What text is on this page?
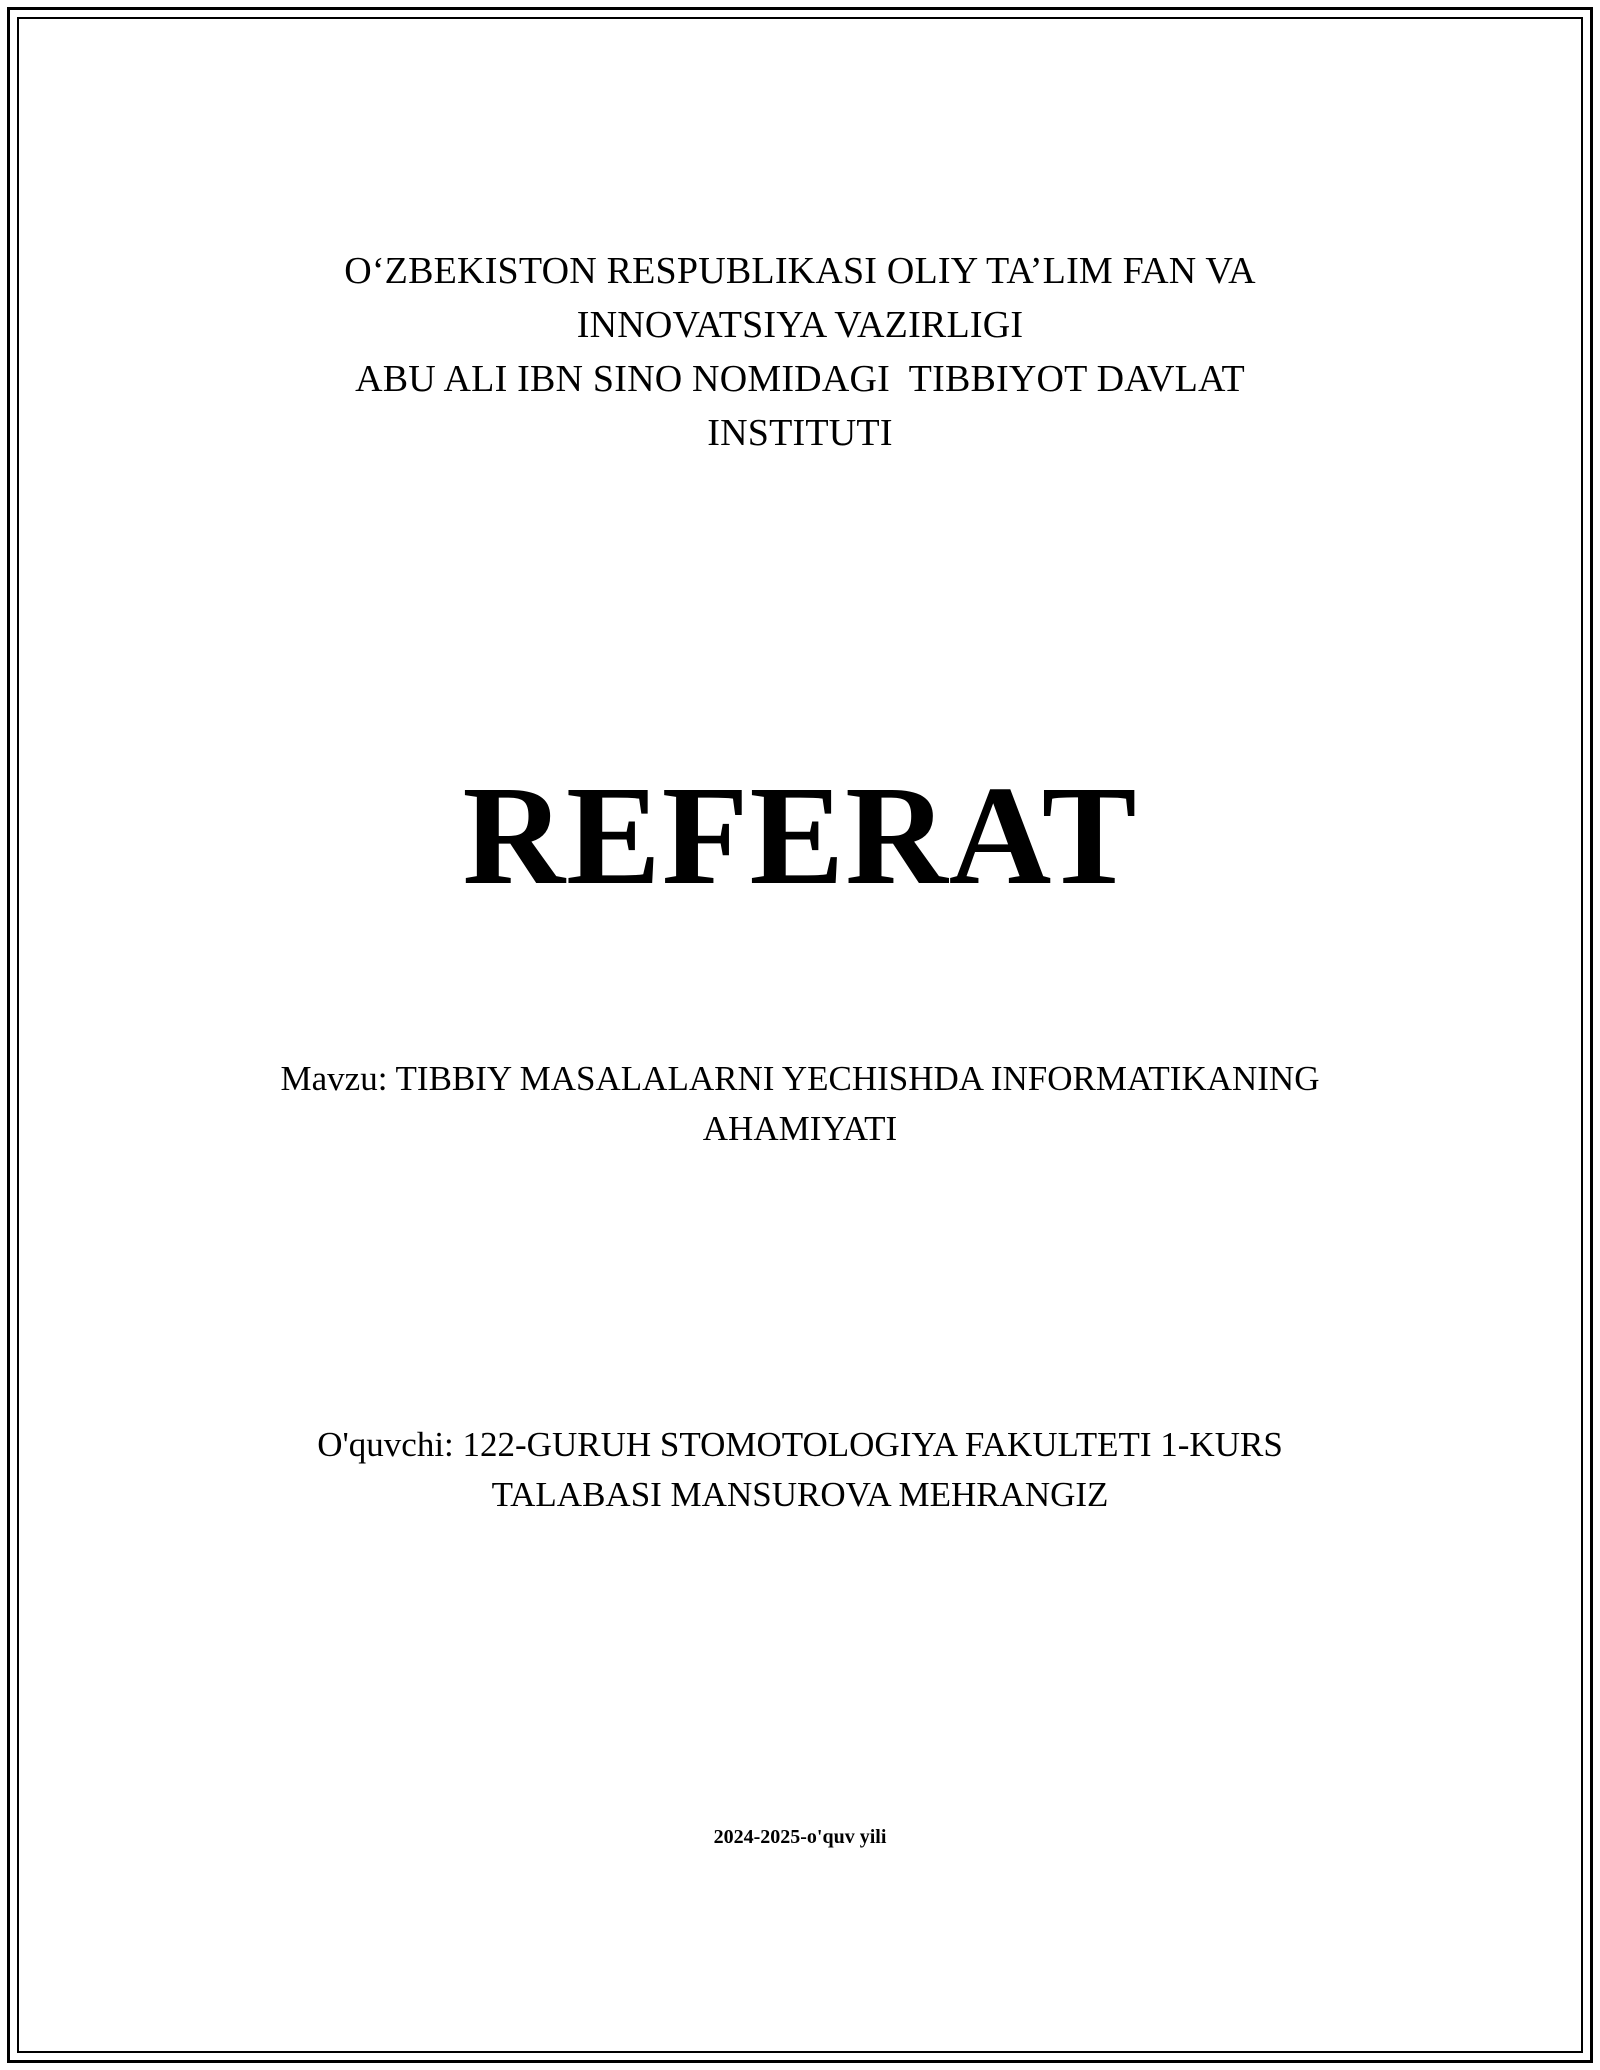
O‘ZBEKISTON RESPUBLIKASI OLIY TA’LIM FAN VA
INNOVATSIYA VAZIRLIGI
ABU ALI IBN SINO NOMIDAGI  TIBBIYOT DAVLAT
INSTITUTI
REFERAT
Mavzu: TIBBIY MASALALARNI YECHISHDA INFORMATIKANING
AHAMIYATI
O'quvchi: 122-GURUH STOMOTOLOGIYA FAKULTETI 1-KURS
TALABASI MANSUROVA MEHRANGIZ
2024-2025-o'quv yili
